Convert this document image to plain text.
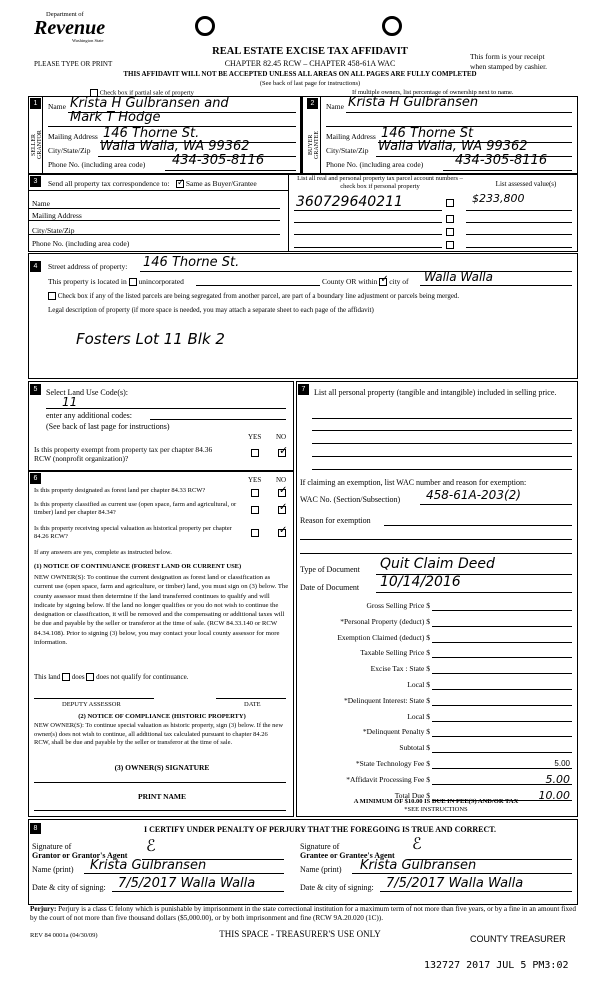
Department of
Revenue
Washington State
PLEASE TYPE OR PRINT
REAL ESTATE EXCISE TAX AFFIDAVIT
CHAPTER 82.45 RCW – CHAPTER 458-61A WAC
This form is your receipt
when stamped by cashier.
THIS AFFIDAVIT WILL NOT BE ACCEPTED UNLESS ALL AREAS ON ALL PAGES ARE FULLY COMPLETED
(See back of last page for instructions)
Check box if partial sale of property	If multiple owners, list percentage of ownership next to name.
1
SELLER GRANTOR
Name Krista H Gulbransen and
Mark T Hodge
Mailing Address 146 Thorne St.
City/State/Zip Walla Walla, WA 99362
Phone No. (including area code) 434-305-8116
2
BUYER GRANTEE
Name Krista H Gulbransen
Mailing Address 146 Thorne St
City/State/Zip Walla Walla, WA 99362
Phone No. (including area code) 434-305-8116
3	Send all property tax correspondence to: ✓ Same as Buyer/Grantee
Name
Mailing Address
City/State/Zip
Phone No. (including area code)
List all real and personal property tax parcel account numbers – check box if personal property	List assessed value(s)
360729640211	$233,800
4	Street address of property: 146 Thorne St.
This property is located in unincorporated	County OR within ✓ city of Walla Walla
Check box if any of the listed parcels are being segregated from another parcel, are part of a boundary line adjustment or parcels being merged.
Legal description of property (if more space is needed, you may attach a separate sheet to each page of the affidavit)
Fosters Lot 11 Blk 2
5	Select Land Use Code(s):
11
enter any additional codes:
(See back of last page for instructions)
YES NO
Is this property exempt from property tax per chapter 84.36 RCW (nonprofit organization)?
✓
6	YES NO
Is this property designated as forest land per chapter 84.33 RCW?	✓
Is this property classified as current use (open space, farm and agricultural, or timber) land per chapter 84.34?	✓
Is this property receiving special valuation as historical property per chapter 84.26 RCW?
✓
If any answers are yes, complete as instructed below.
(1) NOTICE OF CONTINUANCE (FOREST LAND OR CURRENT USE)
NEW OWNER(S): To continue the current designation as forest land or classification as current use (open space, farm and agriculture, or timber) land, you must sign on (3) below. The county assessor must then determine if the land transferred continues to qualify and will indicate by signing below. If the land no longer qualifies or you do not wish to continue the designation or classification, it will be removed and the compensating or additional taxes will be due and payable by the seller or transferor at the time of sale. (RCW 84.33.140 or RCW 84.34.108). Prior to signing (3) below, you may contact your local county assessor for more information.
This land does does not qualify for continuance.
DEPUTY ASSESSOR	DATE
(2) NOTICE OF COMPLIANCE (HISTORIC PROPERTY)
NEW OWNER(S): To continue special valuation as historic property, sign (3) below. If the new owner(s) does not wish to continue, all additional tax calculated pursuant to chapter 84.26 RCW, shall be due and payable by the seller or transferor at the time of sale.
(3) OWNER(S) SIGNATURE
PRINT NAME
7	List all personal property (tangible and intangible) included in selling price.
If claiming an exemption, list WAC number and reason for exemption:
WAC No. (Section/Subsection) 458-61A-203(2)
Reason for exemption
Type of Document Quit Claim Deed
Date of Document 10/14/2016
Gross Selling Price $
*Personal Property (deduct) $
Exemption Claimed (deduct) $
Taxable Selling Price $
Excise Tax : State $
Local $
*Delinquent Interest: State $
Local $
*Delinquent Penalty $
Subtotal $
*State Technology Fee $	5.00
*Affidavit Processing Fee $	5.00
Total Due $	10.00
A MINIMUM OF $10.00 IS DUE IN FEE(S) AND/OR TAX
*SEE INSTRUCTIONS
8	I CERTIFY UNDER PENALTY OF PERJURY THAT THE FOREGOING IS TRUE AND CORRECT.
Signature of
Grantor or Grantor's Agent
ℰ
Name (print) Krista Gulbransen
Date & city of signing: 7/5/2017 Walla Walla
Signature of
Grantee or Grantee's Agent
ℰ
Name (print) Krista Gulbransen
Date & city of signing: 7/5/2017 Walla Walla
Perjury: Perjury is a class C felony which is punishable by imprisonment in the state correctional institution for a maximum term of not more than five years, or by a fine in an amount fixed by the court of not more than five thousand dollars ($5,000.00), or by both imprisonment and fine (RCW 9A.20.020 (1C)).
REV 84 0001a (04/30/09)	THIS SPACE - TREASURER'S USE ONLY	COUNTY TREASURER
132727 2017 JUL 5 PM3:02
